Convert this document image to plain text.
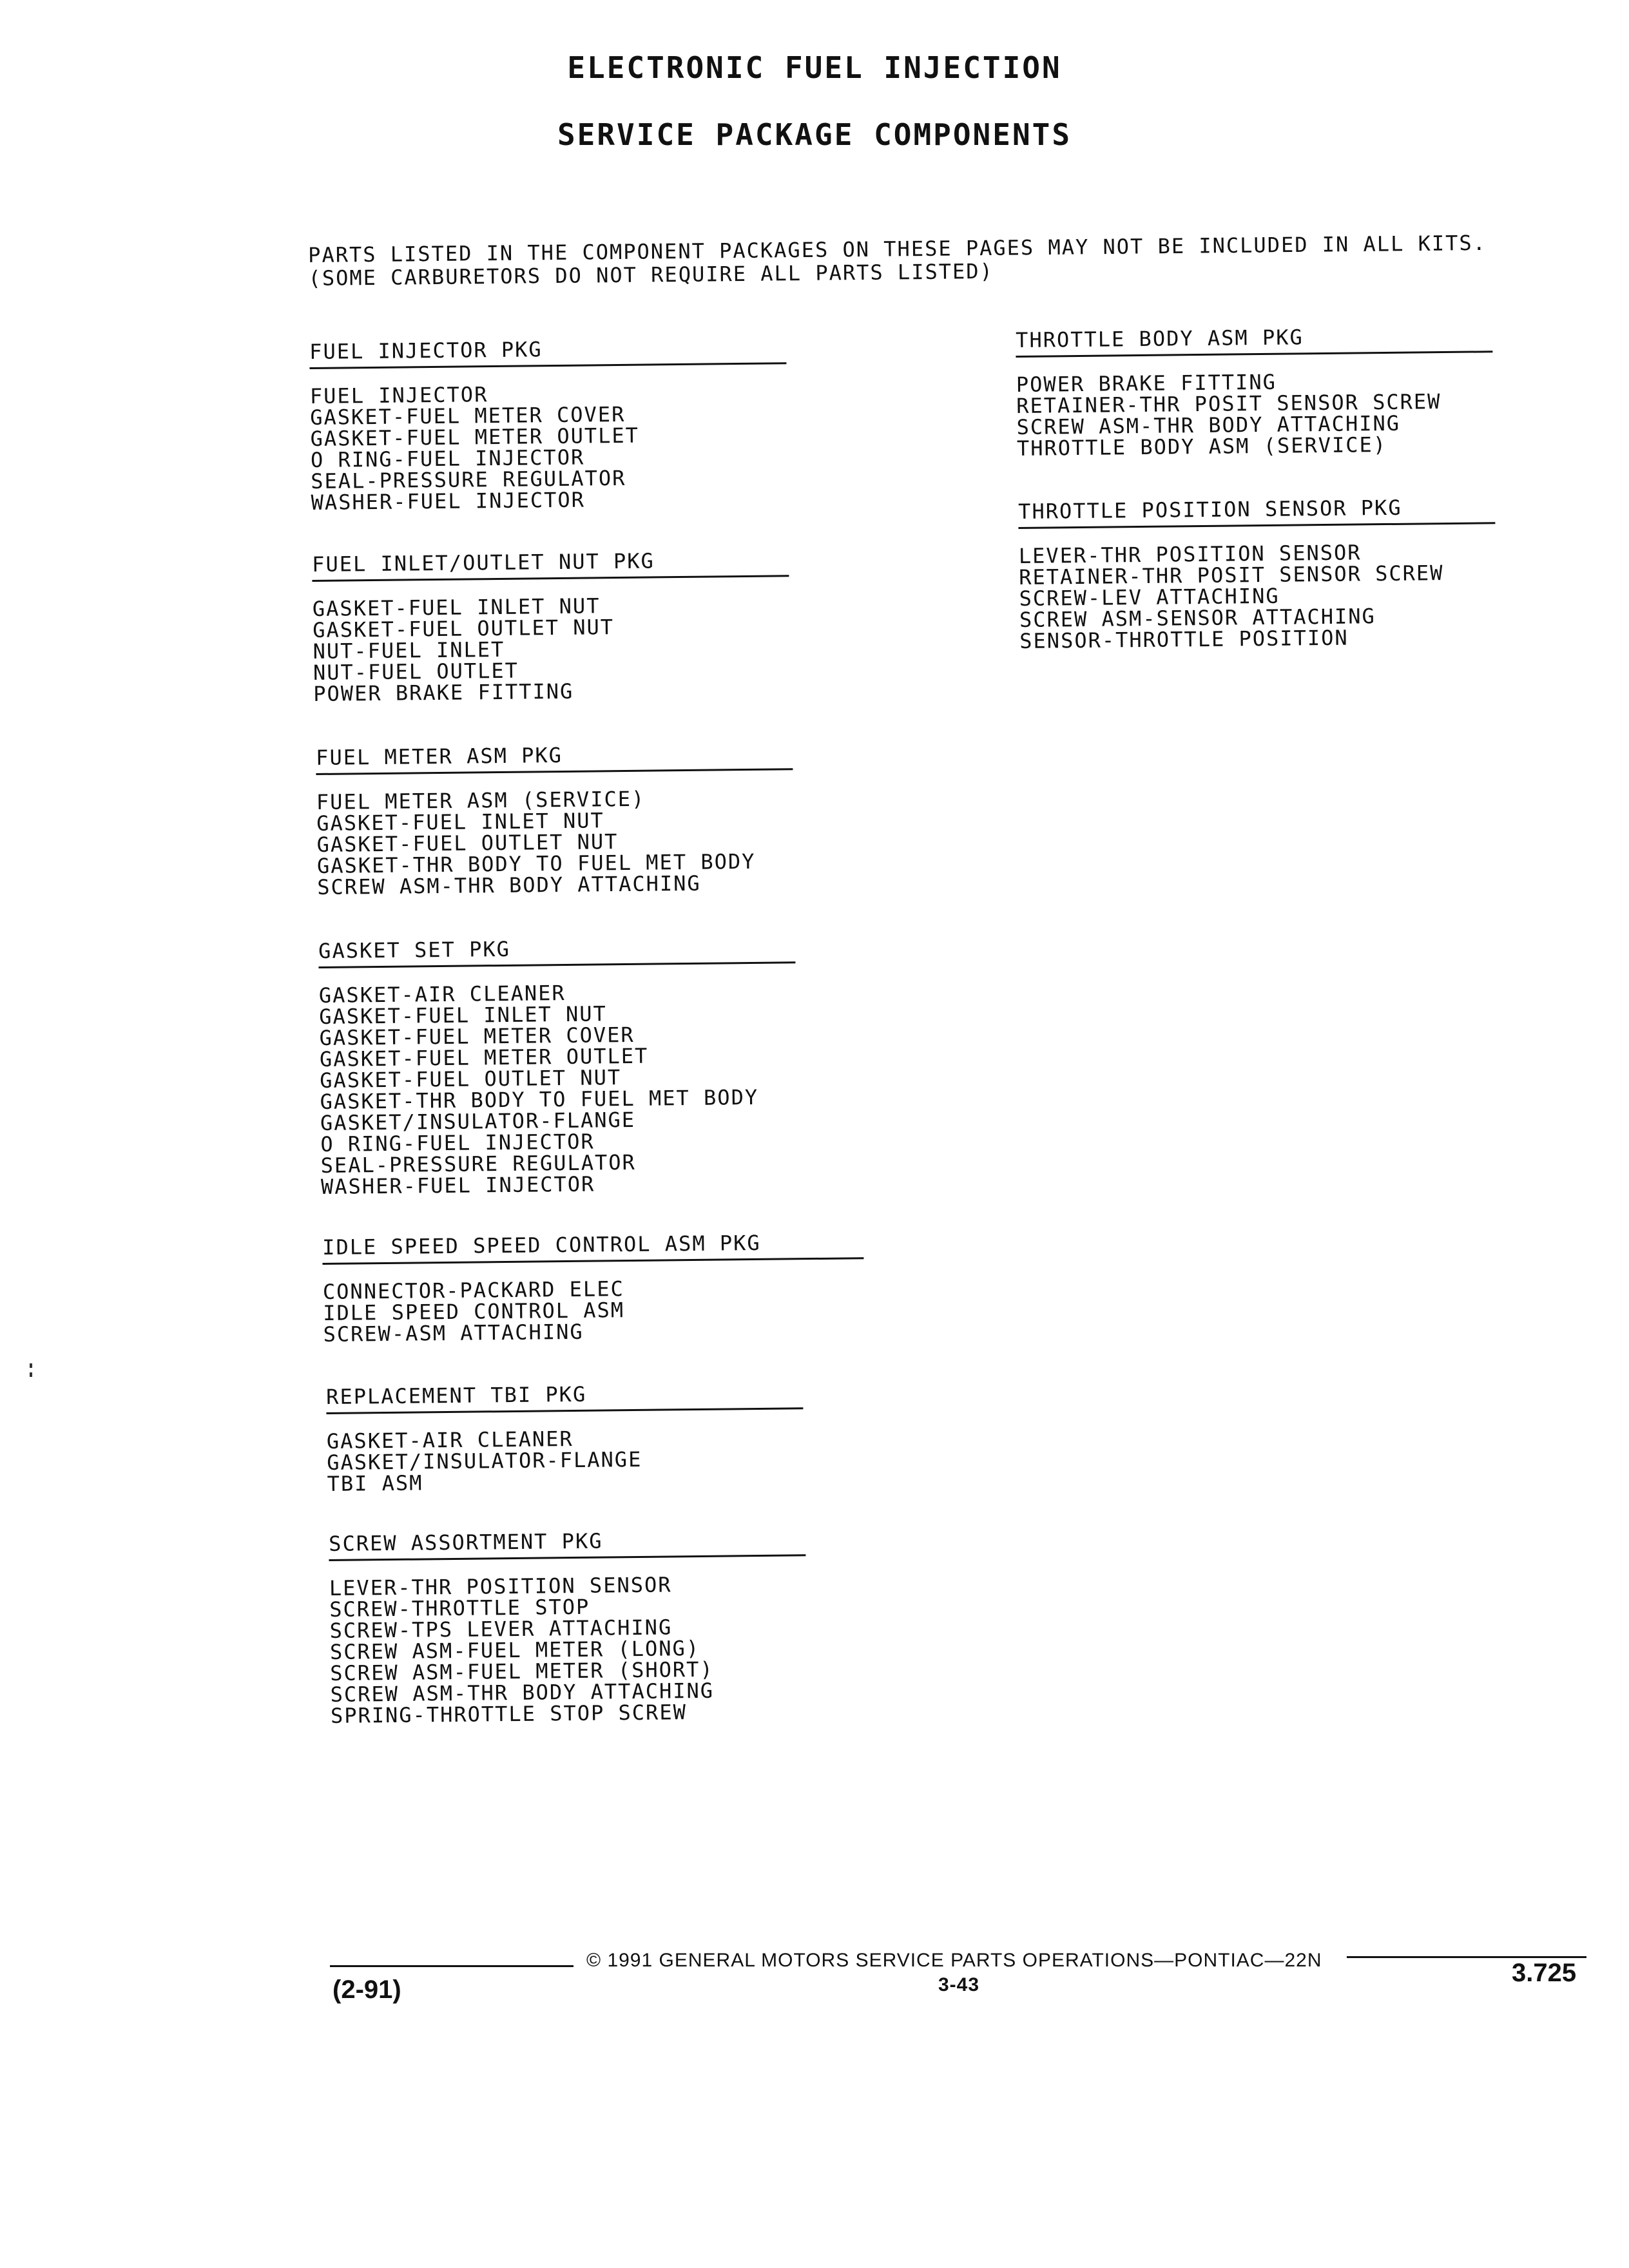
ELECTRONIC FUEL INJECTION
SERVICE PACKAGE COMPONENTS

PARTS LISTED IN THE COMPONENT PACKAGES ON THESE PAGES MAY NOT BE INCLUDED IN ALL KITS.  (SOME CARBURETORS DO NOT REQUIRE ALL PARTS LISTED)

FUEL INJECTOR PKG
FUEL INJECTOR
GASKET-FUEL METER COVER
GASKET-FUEL METER OUTLET
O RING-FUEL INJECTOR
SEAL-PRESSURE REGULATOR
WASHER-FUEL INJECTOR
FUEL INLET/OUTLET NUT PKG
GASKET-FUEL INLET NUT
GASKET-FUEL OUTLET NUT
NUT-FUEL INLET
NUT-FUEL OUTLET
POWER BRAKE FITTING
FUEL METER ASM PKG
FUEL METER ASM (SERVICE)
GASKET-FUEL INLET NUT
GASKET-FUEL OUTLET NUT
GASKET-THR BODY TO FUEL MET BODY
SCREW ASM-THR BODY ATTACHING
GASKET SET PKG
GASKET-AIR CLEANER
GASKET-FUEL INLET NUT
GASKET-FUEL METER COVER
GASKET-FUEL METER OUTLET
GASKET-FUEL OUTLET NUT
GASKET-THR BODY TO FUEL MET BODY
GASKET/INSULATOR-FLANGE
O RING-FUEL INJECTOR
SEAL-PRESSURE REGULATOR
WASHER-FUEL INJECTOR
IDLE SPEED SPEED CONTROL ASM PKG
CONNECTOR-PACKARD ELEC
IDLE SPEED CONTROL ASM
SCREW-ASM ATTACHING
REPLACEMENT TBI PKG
GASKET-AIR CLEANER
GASKET/INSULATOR-FLANGE
TBI ASM
SCREW ASSORTMENT PKG
LEVER-THR POSITION SENSOR
SCREW-THROTTLE STOP
SCREW-TPS LEVER ATTACHING
SCREW ASM-FUEL METER (LONG)
SCREW ASM-FUEL METER (SHORT)
SCREW ASM-THR BODY ATTACHING
SPRING-THROTTLE STOP SCREW
THROTTLE BODY ASM PKG
POWER BRAKE FITTING
RETAINER-THR POSIT SENSOR SCREW
SCREW ASM-THR BODY ATTACHING
THROTTLE BODY ASM (SERVICE)
THROTTLE POSITION SENSOR PKG
LEVER-THR POSITION SENSOR
RETAINER-THR POSIT SENSOR SCREW
SCREW-LEV ATTACHING
SCREW ASM-SENSOR ATTACHING
SENSOR-THROTTLE POSITION
© 1991 GENERAL MOTORS SERVICE PARTS OPERATIONS—PONTIAC—22N
(2-91)	3-43	3.725
